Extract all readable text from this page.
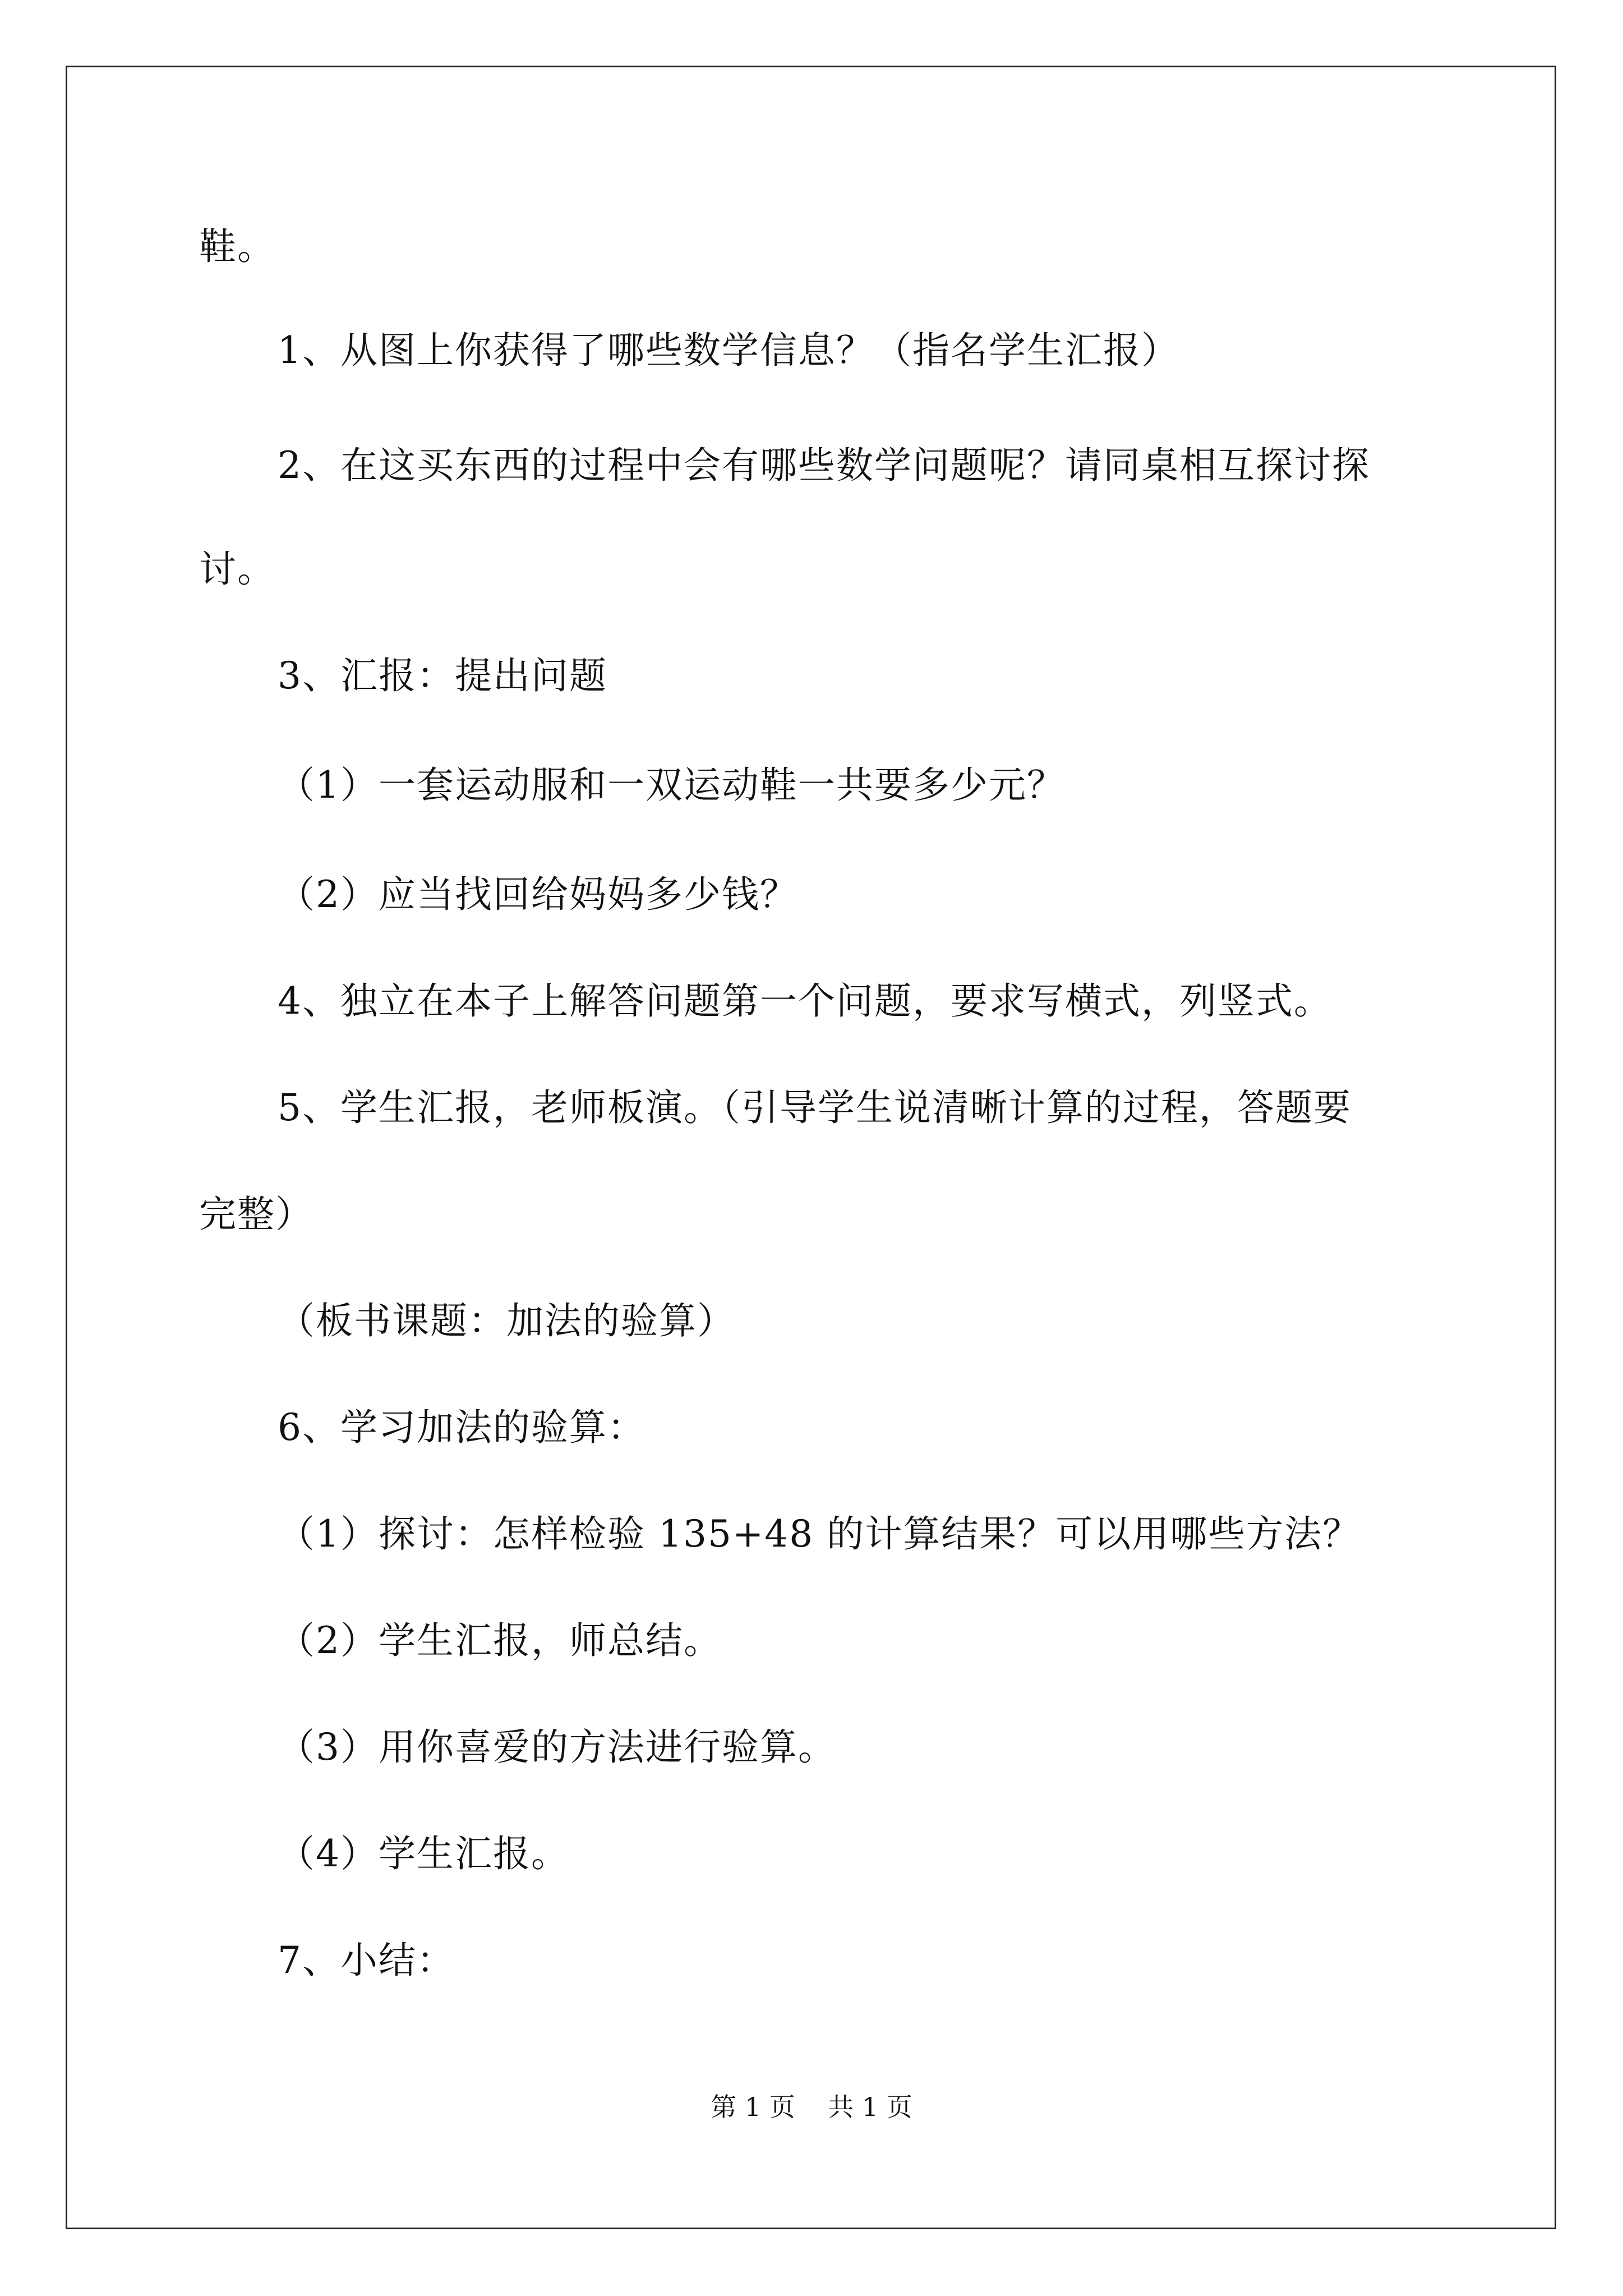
鞋。
1、从图上你获得了哪些数学信息？（指名学生汇报）
2、在这买东西的过程中会有哪些数学问题呢？请同桌相互探讨探
讨。
3、汇报：提出问题
（1）一套运动服和一双运动鞋一共要多少元？
（2）应当找回给妈妈多少钱？
4、独立在本子上解答问题第一个问题，要求写横式，列竖式。
5、学生汇报，老师板演。（引导学生说清晰计算的过程，答题要
完整）
（板书课题：加法的验算）
6、学习加法的验算：
（1）探讨：怎样检验 135+48 的计算结果？可以用哪些方法？
（2）学生汇报，师总结。
（3）用你喜爱的方法进行验算。
（4）学生汇报。
7、小结：
第 1 页    共 1 页
